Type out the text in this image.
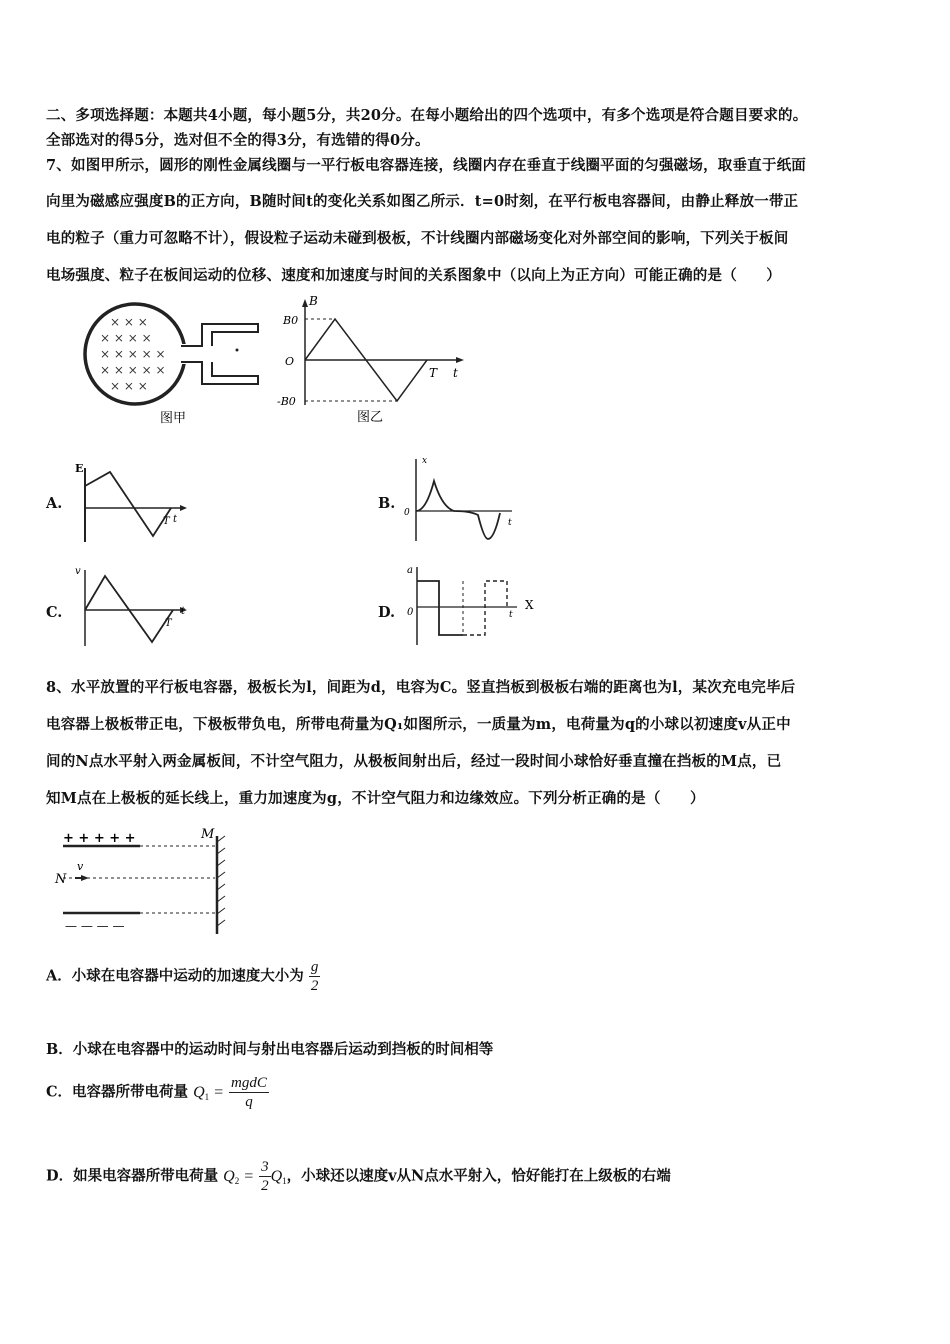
二、多项选择题：本题共4小题，每小题5分，共20分。在每小题给出的四个选项中，有多个选项是符合题目要求的。
全部选对的得5分，选对但不全的得3分，有选错的得0分。
7、如图甲所示，圆形的刚性金属线圈与一平行板电容器连接，线圈内存在垂直于线圈平面的匀强磁场，取垂直于纸面
向里为磁感应强度B的正方向，B随时间t的变化关系如图乙所示．t=0时刻，在平行板电容器间，由静止释放一带正
电的粒子（重力可忽略不计），假设粒子运动未碰到极板，不计线圈内部磁场变化对外部空间的影响，下列关于板间
电场强度、粒子在板间运动的位移、速度和加速度与时间的关系图象中（以向上为正方向）可能正确的是（　　）
× × ×
× × × ×
× × × × ×
× × × × ×
× × ×
图甲
B
B0
O
-B0
T t
图乙
A.
E
T t
B.
x
0
t
C.
v
T
t	D.
a
0	t
X
8、水平放置的平行板电容器，极板长为l，间距为d，电容为C。竖直挡板到极板右端的距离也为l，某次充电完毕后
电容器上极板带正电，下极板带负电，所带电荷量为Q₁如图所示，一质量为m，电荷量为q的小球以初速度v从正中
间的N点水平射入两金属板间，不计空气阻力，从极板间射出后，经过一段时间小球恰好垂直撞在挡板的M点，已
知M点在上极板的延长线上，重力加速度为g，不计空气阻力和边缘效应。下列分析正确的是（　　）
+ + + + +
— — — —
M
N
v
A．小球在电容器中运动的加速度大小为 $\frac{g}{2}$
B．小球在电容器中的运动时间与射出电容器后运动到挡板的时间相等
C．电容器所带电荷量 $Q_1 = \frac{\text{mgdC}}{q}$
D．如果电容器所带电荷量 $Q_2 = \frac{3}{2} Q_1$，小球还以速度v从N点水平射入，恰好能打在上级板的右端
